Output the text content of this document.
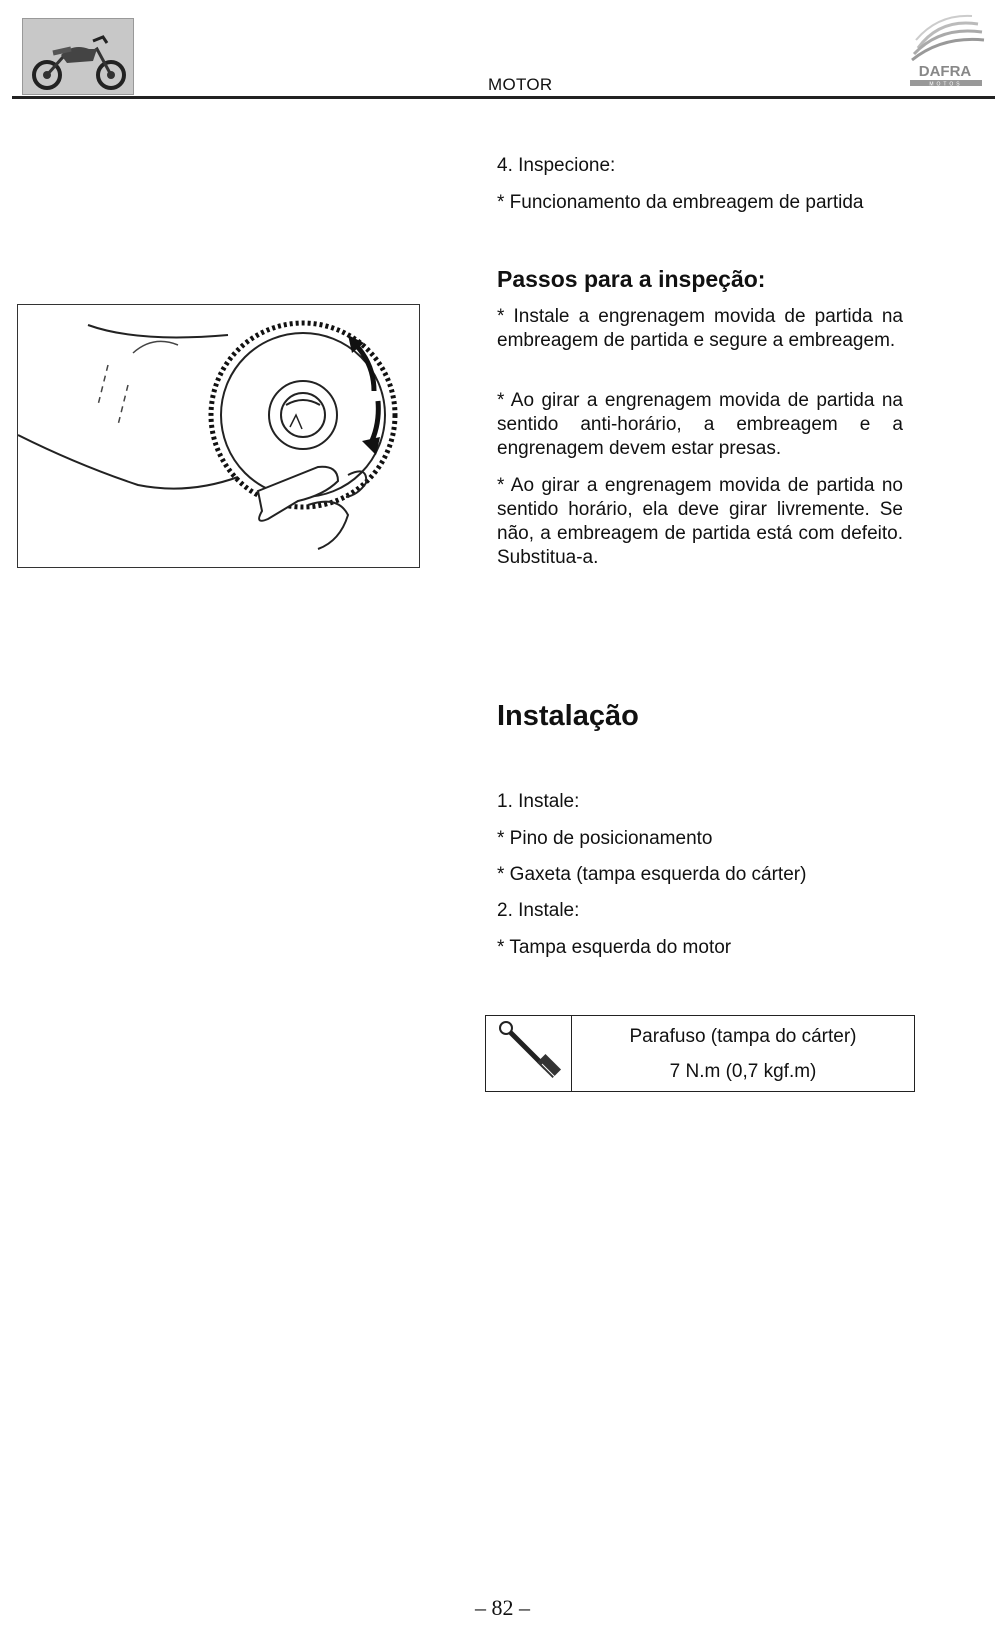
MOTOR
DAFRA
MOTOS
4. Inspecione:
* Funcionamento da embreagem de partida
Passos para a inspeção:
* Instale a engrenagem movida de partida na embreagem de partida e segure a embreagem.
* Ao girar a engrenagem movida de partida na sentido anti-horário, a embreagem e a engrenagem devem estar presas.
* Ao girar a engrenagem movida de partida no sentido horário, ela deve girar livremente. Se não, a embreagem de partida está com defeito. Substitua-a.
Instalação
1. Instale:
* Pino de posicionamento
* Gaxeta (tampa esquerda do cárter)
2. Instale:
* Tampa esquerda do motor
Parafuso (tampa do cárter)
7 N.m (0,7 kgf.m)
– 82 –
